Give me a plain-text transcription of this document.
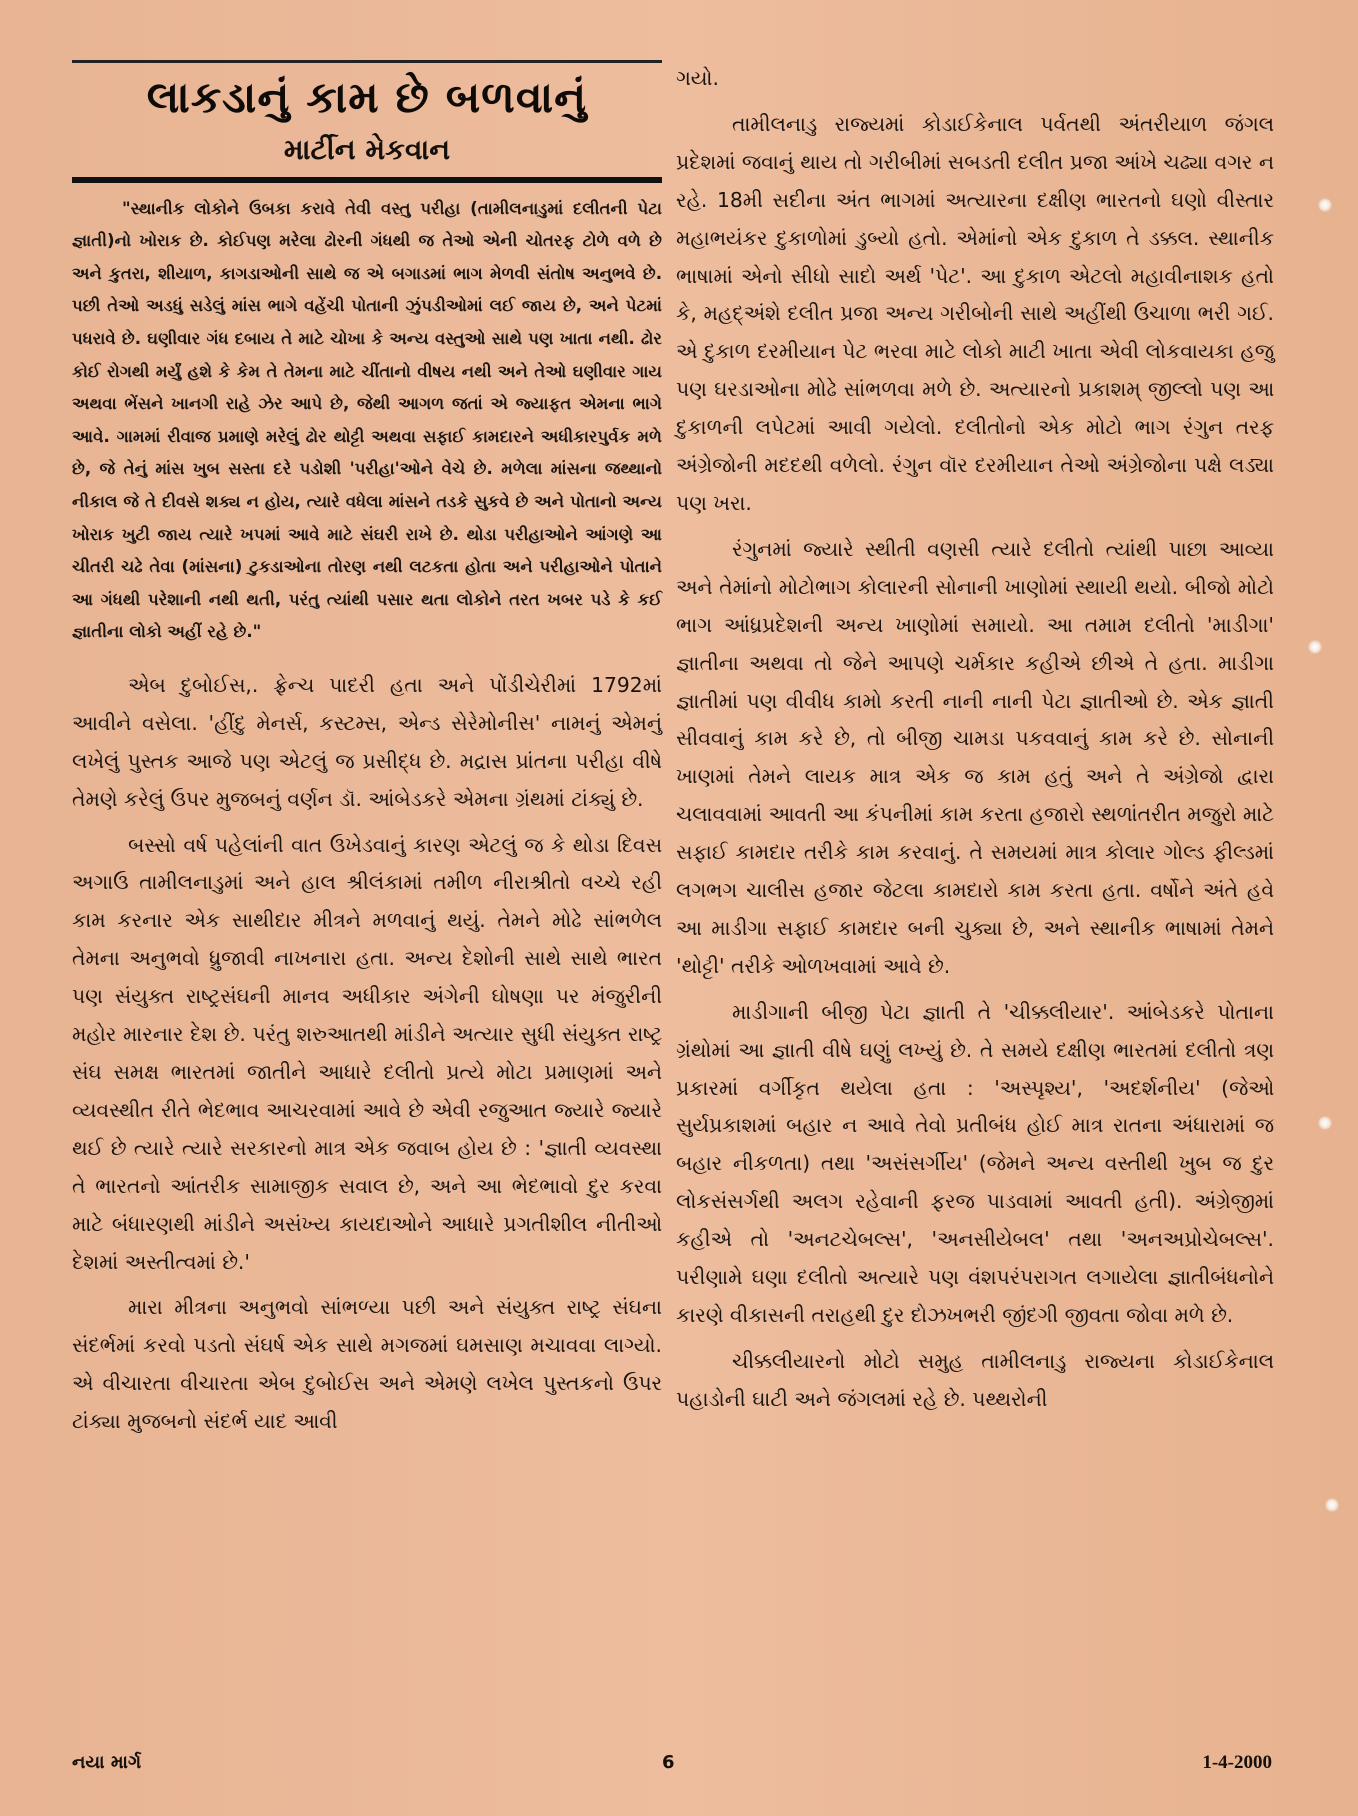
લાકડાનું કામ છે બળવાનું
માર્ટીન મેકવાન

"સ્થાનીક લોકોને ઉબકા કરાવે તેવી વસ્તુ પરીહા (તામીલનાડુમાં દલીતની પેટા જ્ઞાતી)નો ખોરાક છે. કોઈપણ મરેલા ઢોરની ગંધથી જ તેઓ એની ચોતરફ ટોળે વળે છે અને કુતરા, શીયાળ, કાગડાઓની સાથે જ એ બગાડમાં ભાગ મેળવી સંતોષ અનુભવે છે. પછી તેઓ અડધું સડેલું માંસ ભાગે વહેંચી પોતાની ઝુંપડીઓમાં લઈ જાય છે, અને પેટમાં પધરાવે છે. ઘણીવાર ગંધ દબાય તે માટે ચોખા કે અન્ય વસ્તુઓ સાથે પણ ખાતા નથી. ઢોર કોઈ રોગથી મર્યું હશે કે કેમ તે તેમના માટે ચીંતાનો વીષય નથી અને તેઓ ઘણીવાર ગાય અથવા ભેંસને ખાનગી રાહે ઝેર આપે છે, જેથી આગળ જતાં એ જ્યાફત એમના ભાગે આવે. ગામમાં રીવાજ પ્રમાણે મરેલું ઢોર થોટ્ટી અથવા સફાઈ કામદારને અધીકારપુર્વક મળે છે, જે તેનું માંસ ખુબ સસ્તા દરે પડોશી 'પરીહા'ઓને વેચે છે. મળેલા માંસના જથ્થાનો નીકાલ જે તે દીવસે શક્ય ન હોય, ત્યારે વધેલા માંસને તડકે સુકવે છે અને પોતાનો અન્ય ખોરાક ખુટી જાય ત્યારે ખપમાં આવે માટે સંઘરી રાખે છે. થોડા પરીહાઓને આંગણે આ ચીતરી ચઢે તેવા (માંસના) ટુકડાઓના તોરણ નથી લટકતા હોતા અને પરીહાઓને પોતાને આ ગંધથી પરેશાની નથી થતી, પરંતુ ત્યાંથી પસાર થતા લોકોને તરત ખબર પડે કે કઈ જ્ઞાતીના લોકો અહીં રહે છે."

એબ દુબોઈસ,. ફ્રેન્ચ પાદરી હતા અને પોંડીચેરીમાં 1792માં આવીને વસેલા. 'હીંદુ મેનર્સ, કસ્ટમ્સ, એન્ડ સેરેમોનીસ' નામનું એમનું લખેલું પુસ્તક આજે પણ એટલું જ પ્રસીદ્ધ છે. મદ્રાસ પ્રાંતના પરીહા વીષે તેમણે કરેલું ઉપર મુજબનું વર્ણન ડૉ. આંબેડકરે એમના ગ્રંથમાં ટાંક્યું છે.

બસ્સો વર્ષ પહેલાંની વાત ઉખેડવાનું કારણ એટલું જ કે થોડા દિવસ અગાઉ તામીલનાડુમાં અને હાલ શ્રીલંકામાં તમીળ નીરાશ્રીતો વચ્ચે રહી કામ કરનાર એક સાથીદાર મીત્રને મળવાનું થયું. તેમને મોઢે સાંભળેલ તેમના અનુભવો ધ્રુજાવી નાખનારા હતા. અન્ય દેશોની સાથે સાથે ભારત પણ સંયુક્ત રાષ્ટ્રસંઘની માનવ અધીકાર અંગેની ઘોષણા પર મંજુરીની મહોર મારનાર દેશ છે. પરંતુ શરુઆતથી માંડીને અત્યાર સુધી સંયુક્ત રાષ્ટ્ર સંઘ સમક્ષ ભારતમાં જાતીને આધારે દલીતો પ્રત્યે મોટા પ્રમાણમાં અને વ્યવસ્થીત રીતે ભેદભાવ આચરવામાં આવે છે એવી રજુઆત જ્યારે જ્યારે થઈ છે ત્યારે ત્યારે સરકારનો માત્ર એક જવાબ હોય છે : 'જ્ઞાતી વ્યવસ્થા તે ભારતનો આંતરીક સામાજીક સવાલ છે, અને આ ભેદભાવો દુર કરવા માટે બંધારણથી માંડીને અસંખ્ય કાયદાઓને આધારે પ્રગતીશીલ નીતીઓ દેશમાં અસ્તીત્વમાં છે.'

મારા મીત્રના અનુભવો સાંભળ્યા પછી અને સંયુક્ત રાષ્ટ્ર સંઘના સંદર્ભમાં કરવો પડતો સંઘર્ષ એક સાથે મગજમાં ઘમસાણ મચાવવા લાગ્યો. એ વીચારતા વીચારતા એબ દુબોઈસ અને એમણે લખેલ પુસ્તકનો ઉપર ટાંક્યા મુજબનો સંદર્ભ યાદ આવી

ગયો.

તામીલનાડુ રાજ્યમાં કોડાઈકેનાલ પર્વતથી અંતરીયાળ જંગલ પ્રદેશમાં જવાનું થાય તો ગરીબીમાં સબડતી દલીત પ્રજા આંખે ચઢ્યા વગર ન રહે. 18મી સદીના અંત ભાગમાં અત્યારના દક્ષીણ ભારતનો ઘણો વીસ્તાર મહાભયંકર દુકાળોમાં ડુબ્યો હતો. એમાંનો એક દુકાળ તે ડક્કલ. સ્થાનીક ભાષામાં એનો સીધો સાદો અર્થ 'પેટ'. આ દુકાળ એટલો મહાવીનાશક હતો કે, મહદ્અંશે દલીત પ્રજા અન્ય ગરીબોની સાથે અહીંથી ઉચાળા ભરી ગઈ. એ દુકાળ દરમીયાન પેટ ભરવા માટે લોકો માટી ખાતા એવી લોકવાયકા હજુ પણ ઘરડાઓના મોઢે સાંભળવા મળે છે. અત્યારનો પ્રકાશમ્ જીલ્લો પણ આ દુકાળની લપેટમાં આવી ગયેલો. દલીતોનો એક મોટો ભાગ રંગુન તરફ અંગ્રેજોની મદદથી વળેલો. રંગુન વૉર દરમીયાન તેઓ અંગ્રેજોના પક્ષે લડ્યા પણ ખરા.

રંગુનમાં જ્યારે સ્થીતી વણસી ત્યારે દલીતો ત્યાંથી પાછા આવ્યા અને તેમાંનો મોટોભાગ કોલારની સોનાની ખાણોમાં સ્થાયી થયો. બીજો મોટો ભાગ આંધ્રપ્રદેશની અન્ય ખાણોમાં સમાયો. આ તમામ દલીતો 'માડીગા' જ્ઞાતીના અથવા તો જેને આપણે ચર્મકાર કહીએ છીએ તે હતા. માડીગા જ્ઞાતીમાં પણ વીવીધ કામો કરતી નાની નાની પેટા જ્ઞાતીઓ છે. એક જ્ઞાતી સીવવાનું કામ કરે છે, તો બીજી ચામડા પકવવાનું કામ કરે છે. સોનાની ખાણમાં તેમને લાયક માત્ર એક જ કામ હતું અને તે અંગ્રેજો દ્વારા ચલાવવામાં આવતી આ કંપનીમાં કામ કરતા હજારો સ્થળાંતરીત મજુરો માટે સફાઈ કામદાર તરીકે કામ કરવાનું. તે સમયમાં માત્ર કોલાર ગોલ્ડ ફીલ્ડમાં લગભગ ચાલીસ હજાર જેટલા કામદારો કામ કરતા હતા. વર્ષોને અંતે હવે આ માડીગા સફાઈ કામદાર બની ચુક્યા છે, અને સ્થાનીક ભાષામાં તેમને 'થોટ્ટી' તરીકે ઓળખવામાં આવે છે.

માડીગાની બીજી પેટા જ્ઞાતી તે 'ચીક્કલીયાર'. આંબેડકરે પોતાના ગ્રંથોમાં આ જ્ઞાતી વીષે ઘણું લખ્યું છે. તે સમયે દક્ષીણ ભારતમાં દલીતો ત્રણ પ્રકારમાં વર્ગીકૃત થયેલા હતા : 'અસ્પૃશ્ય', 'અદર્શનીય' (જેઓ સુર્યપ્રકાશમાં બહાર ન આવે તેવો પ્રતીબંધ હોઈ માત્ર રાતના અંધારામાં જ બહાર નીકળતા) તથા 'અસંસર્ગીય' (જેમને અન્ય વસ્તીથી ખુબ જ દુર લોકસંસર્ગથી અલગ રહેવાની ફરજ પાડવામાં આવતી હતી). અંગ્રેજીમાં કહીએ તો 'અનટચેબલ્સ', 'અનસીયેબલ' તથા 'અનઅપ્રોચેબલ્સ'. પરીણામે ઘણા દલીતો અત્યારે પણ વંશપરંપરાગત લગાયેલા જ્ઞાતીબંધનોને કારણે વીકાસની તરાહથી દુર દોઝખભરી જીંદગી જીવતા જોવા મળે છે.

ચીક્કલીયારનો મોટો સમુહ તામીલનાડુ રાજ્યના કોડાઈકેનાલ પહાડોની ઘાટી અને જંગલમાં રહે છે. પથ્થરોની

નયા માર્ગ	6	1-4-2000
